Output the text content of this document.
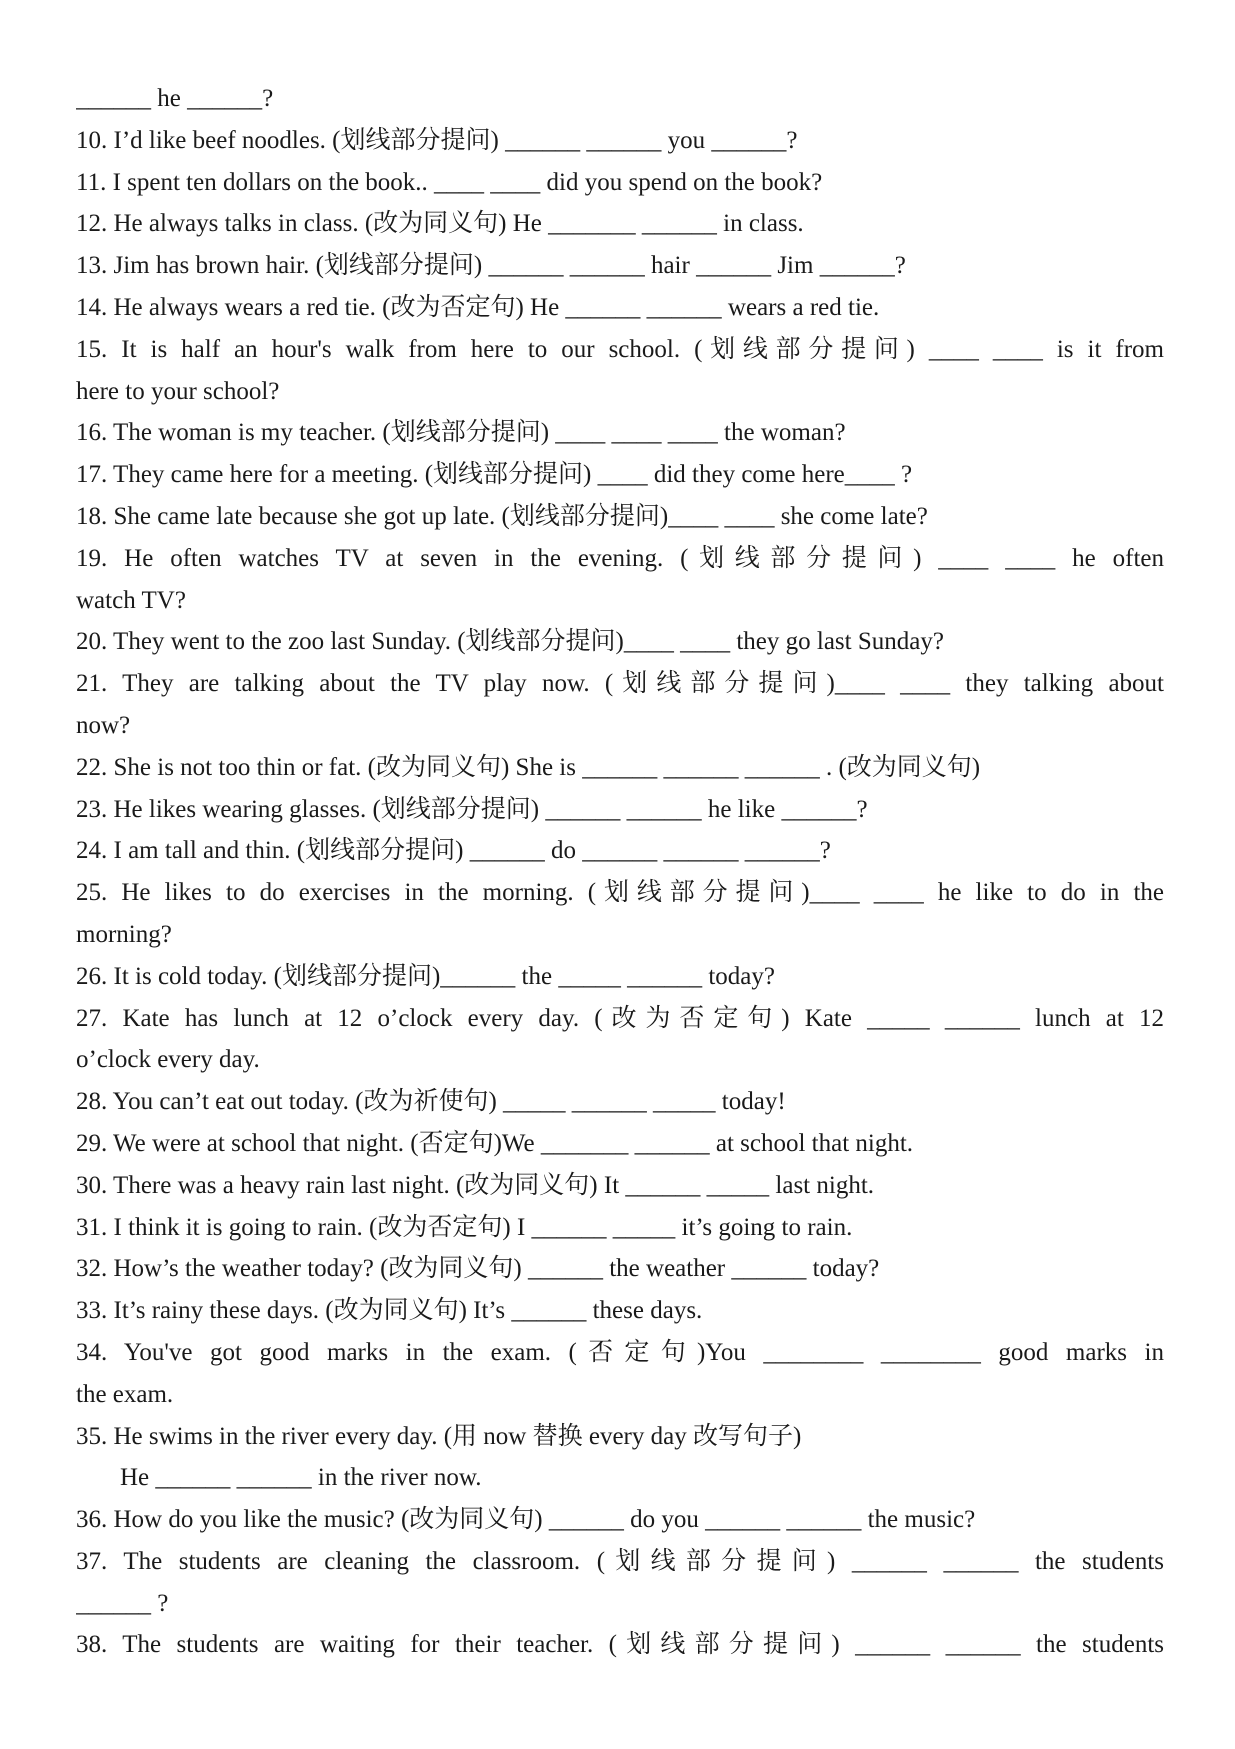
______ he ______?
10. I’d like beef noodles. (划线部分提问) ______ ______ you ______?
11. I spent ten dollars on the book.. ____ ____ did you spend on the book?
12. He always talks in class. (改为同义句) He _______ ______ in class.
13. Jim has brown hair. (划线部分提问) ______ ______ hair ______ Jim ______?
14. He always wears a red tie. (改为否定句) He ______ ______ wears a red tie.
15. It is half an hour's walk from here to our school. (划线部分提问) ____ ____ is it from
here to your school?
16. The woman is my teacher. (划线部分提问) ____ ____ ____ the woman?
17. They came here for a meeting. (划线部分提问) ____ did they come here____ ?
18. She came late because she got up late. (划线部分提问)____ ____ she come late?
19. He often watches TV at seven in the evening. (划线部分提问) ____ ____ he often
watch TV?
20. They went to the zoo last Sunday. (划线部分提问)____ ____ they go last Sunday?
21. They are talking about the TV play now. (划线部分提问)____ ____ they talking about
now?
22. She is not too thin or fat. (改为同义句) She is ______ ______ ______ . (改为同义句)
23. He likes wearing glasses. (划线部分提问) ______ ______ he like ______?
24. I am tall and thin. (划线部分提问) ______ do ______ ______ ______?
25. He likes to do exercises in the morning. (划线部分提问)____ ____ he like to do in the
morning?
26. It is cold today. (划线部分提问)______ the _____ ______ today?
27. Kate has lunch at 12 o’clock every day. (改为否定句) Kate _____ ______ lunch at 12
o’clock every day.
28. You can’t eat out today. (改为祈使句) _____ ______ _____ today!
29. We were at school that night. (否定句)We _______ ______ at school that night.
30. There was a heavy rain last night. (改为同义句) It ______ _____ last night.
31. I think it is going to rain. (改为否定句) I ______ _____ it’s going to rain.
32. How’s the weather today? (改为同义句) ______ the weather ______ today?
33. It’s rainy these days. (改为同义句) It’s ______ these days.
34. You've got good marks in the exam. (否定句)You ________ ________ good marks in
the exam.
35. He swims in the river every day. (用 now 替换 every day 改写句子)
He ______ ______ in the river now.
36. How do you like the music? (改为同义句) ______ do you ______ ______ the music?
37. The students are cleaning the classroom. (划线部分提问) ______ ______ the students
______ ?
38. The students are waiting for their teacher. (划线部分提问) ______ ______ the students
